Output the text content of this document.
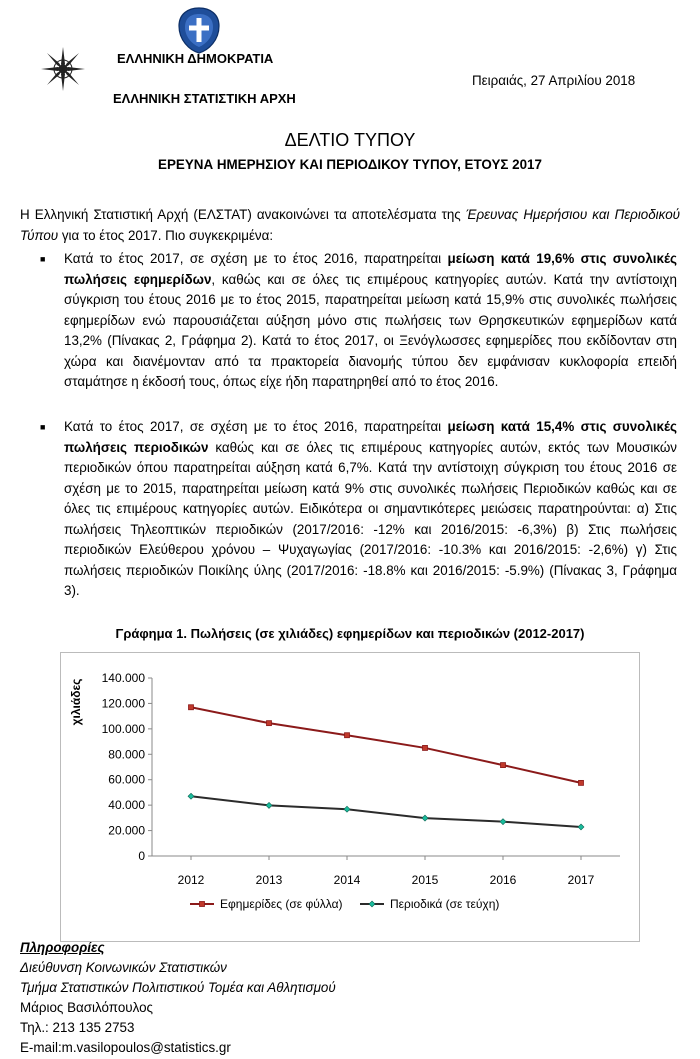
ΕΛΛΗΝΙΚΗ ΔΗΜΟΚΡΑΤΙΑ
ΕΛΛΗΝΙΚΗ ΣΤΑΤΙΣΤΙΚΗ ΑΡΧΗ
Πειραιάς, 27 Απριλίου 2018
ΔΕΛΤΙΟ ΤΥΠΟΥ
ΕΡΕΥΝΑ ΗΜΕΡΗΣΙΟΥ ΚΑΙ ΠΕΡΙΟΔΙΚΟΥ ΤΥΠΟΥ, ΕΤΟΥΣ 2017
Η Ελληνική Στατιστική Αρχή (ΕΛΣΤΑΤ) ανακοινώνει τα αποτελέσματα της Έρευνας Ημερήσιου και Περιοδικού Τύπου για το έτος 2017. Πιο συγκεκριμένα:
■ Κατά το έτος 2017, σε σχέση με το έτος 2016, παρατηρείται μείωση κατά 19,6% στις συνολικές πωλήσεις εφημερίδων, καθώς και σε όλες τις επιμέρους κατηγορίες αυτών. Κατά την αντίστοιχη σύγκριση του έτους 2016 με το έτος 2015, παρατηρείται μείωση κατά 15,9% στις συνολικές πωλήσεις εφημερίδων ενώ παρουσιάζεται αύξηση μόνο στις πωλήσεις των Θρησκευτικών εφημερίδων κατά 13,2% (Πίνακας 2, Γράφημα 2). Κατά το έτος 2017, οι Ξενόγλωσσες εφημερίδες που εκδίδονταν στη χώρα και διανέμονταν από τα πρακτορεία διανομής τύπου δεν εμφάνισαν κυκλοφορία επειδή σταμάτησε η έκδοσή τους, όπως είχε ήδη παρατηρηθεί από το έτος 2016.
■ Κατά το έτος 2017, σε σχέση με το έτος 2016, παρατηρείται μείωση κατά 15,4% στις συνολικές πωλήσεις περιοδικών καθώς και σε όλες τις επιμέρους κατηγορίες αυτών, εκτός των Μουσικών περιοδικών όπου παρατηρείται αύξηση κατά 6,7%. Κατά την αντίστοιχη σύγκριση του έτους 2016 σε σχέση με το 2015, παρατηρείται μείωση κατά 9% στις συνολικές πωλήσεις Περιοδικών καθώς και σε όλες τις επιμέρους κατηγορίες αυτών. Ειδικότερα οι σημαντικότερες μειώσεις παρατηρούνται: α) Στις πωλήσεις Τηλεοπτικών περιοδικών (2017/2016: -12% και 2016/2015: -6,3%) β) Στις πωλήσεις περιοδικών Ελεύθερου χρόνου – Ψυχαγωγίας (2017/2016: -10.3% και 2016/2015: -2,6%) γ) Στις πωλήσεις περιοδικών Ποικίλης ύλης (2017/2016: -18.8% και 2016/2015: -5.9%) (Πίνακας 3, Γράφημα 3).
Γράφημα 1. Πωλήσεις (σε χιλιάδες) εφημερίδων και περιοδικών (2012-2017)
χιλιάδες
0
20.000
40.000
60.000
80.000
100.000
120.000
140.000
2012	2013	2014	2015	2016	2017
Εφημερίδες (σε φύλλα)	Περιοδικά (σε τεύχη)
Πληροφορίες
Διεύθυνση Κοινωνικών Στατιστικών
Τμήμα Στατιστικών Πολιτιστικού Τομέα και Αθλητισμού
Μάριος Βασιλόπουλος
Τηλ.: 213 135 2753
E-mail:m.vasilopoulos@statistics.gr
